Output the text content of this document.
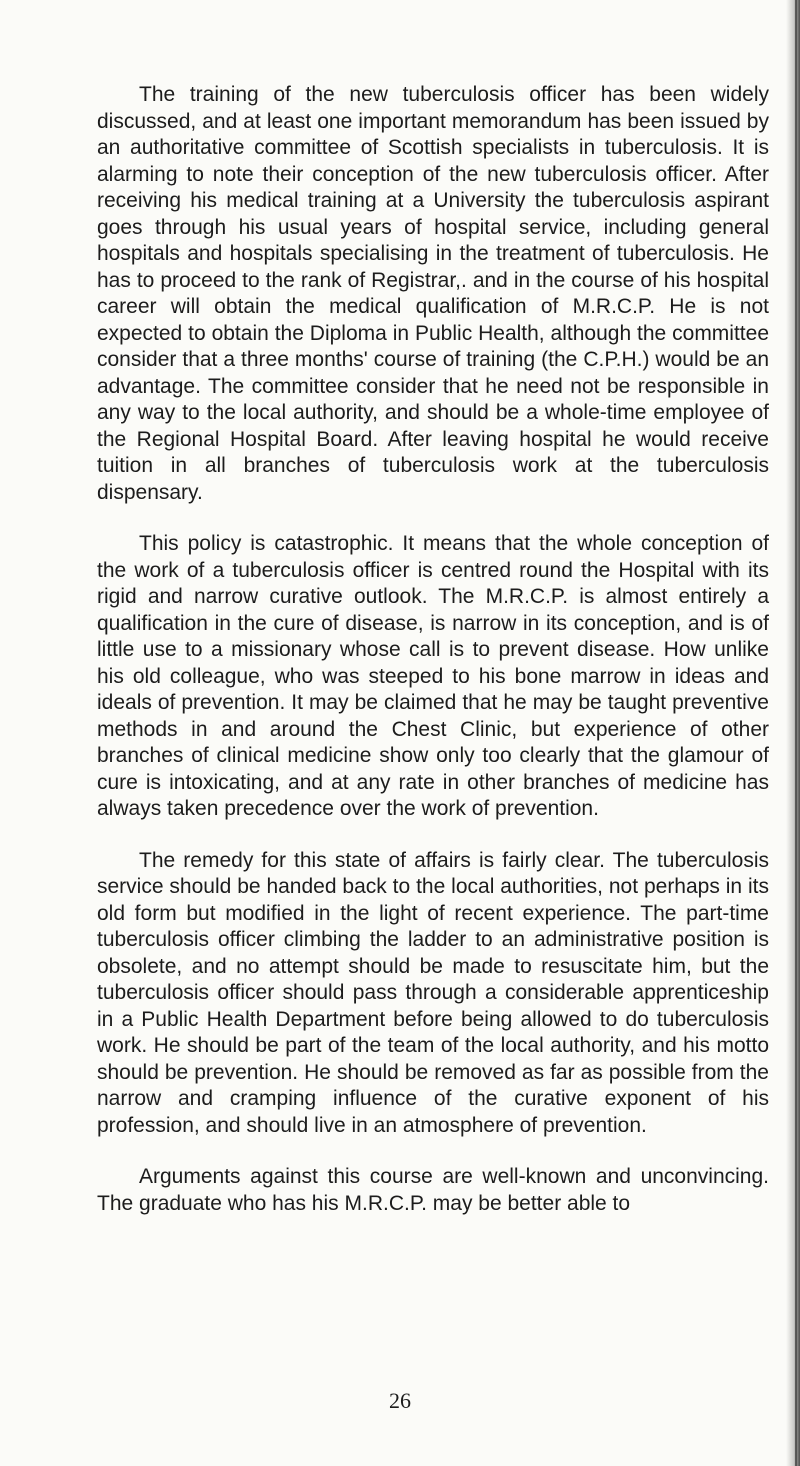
The training of the new tuberculosis officer has been widely discussed, and at least one important memorandum has been issued by an authoritative committee of Scottish specialists in tuberculosis. It is alarming to note their conception of the new tuberculosis officer. After receiving his medical training at a University the tuberculosis aspirant goes through his usual years of hospital service, including general hospitals and hospitals specialising in the treatment of tuberculosis. He has to proceed to the rank of Registrar,. and in the course of his hospital career will obtain the medical qualification of M.R.C.P. He is not expected to obtain the Diploma in Public Health, although the committee consider that a three months' course of training (the C.P.H.) would be an advantage. The committee consider that he need not be responsible in any way to the local authority, and should be a whole-time employee of the Regional Hospital Board. After leaving hospital he would receive tuition in all branches of tuberculosis work at the tuberculosis dispensary.

This policy is catastrophic. It means that the whole conception of the work of a tuberculosis officer is centred round the Hospital with its rigid and narrow curative outlook. The M.R.C.P. is almost entirely a qualification in the cure of disease, is narrow in its conception, and is of little use to a missionary whose call is to prevent disease. How unlike his old colleague, who was steeped to his bone marrow in ideas and ideals of prevention. It may be claimed that he may be taught preventive methods in and around the Chest Clinic, but experience of other branches of clinical medicine show only too clearly that the glamour of cure is intoxicating, and at any rate in other branches of medicine has always taken precedence over the work of prevention.

The remedy for this state of affairs is fairly clear. The tuberculosis service should be handed back to the local authorities, not perhaps in its old form but modified in the light of recent experience. The part-time tuberculosis officer climbing the ladder to an administrative position is obsolete, and no attempt should be made to resuscitate him, but the tuberculosis officer should pass through a considerable apprenticeship in a Public Health Department before being allowed to do tuberculosis work. He should be part of the team of the local authority, and his motto should be prevention. He should be removed as far as possible from the narrow and cramping influence of the curative exponent of his profession, and should live in an atmosphere of prevention.

Arguments against this course are well-known and unconvincing. The graduate who has his M.R.C.P. may be better able to

26
